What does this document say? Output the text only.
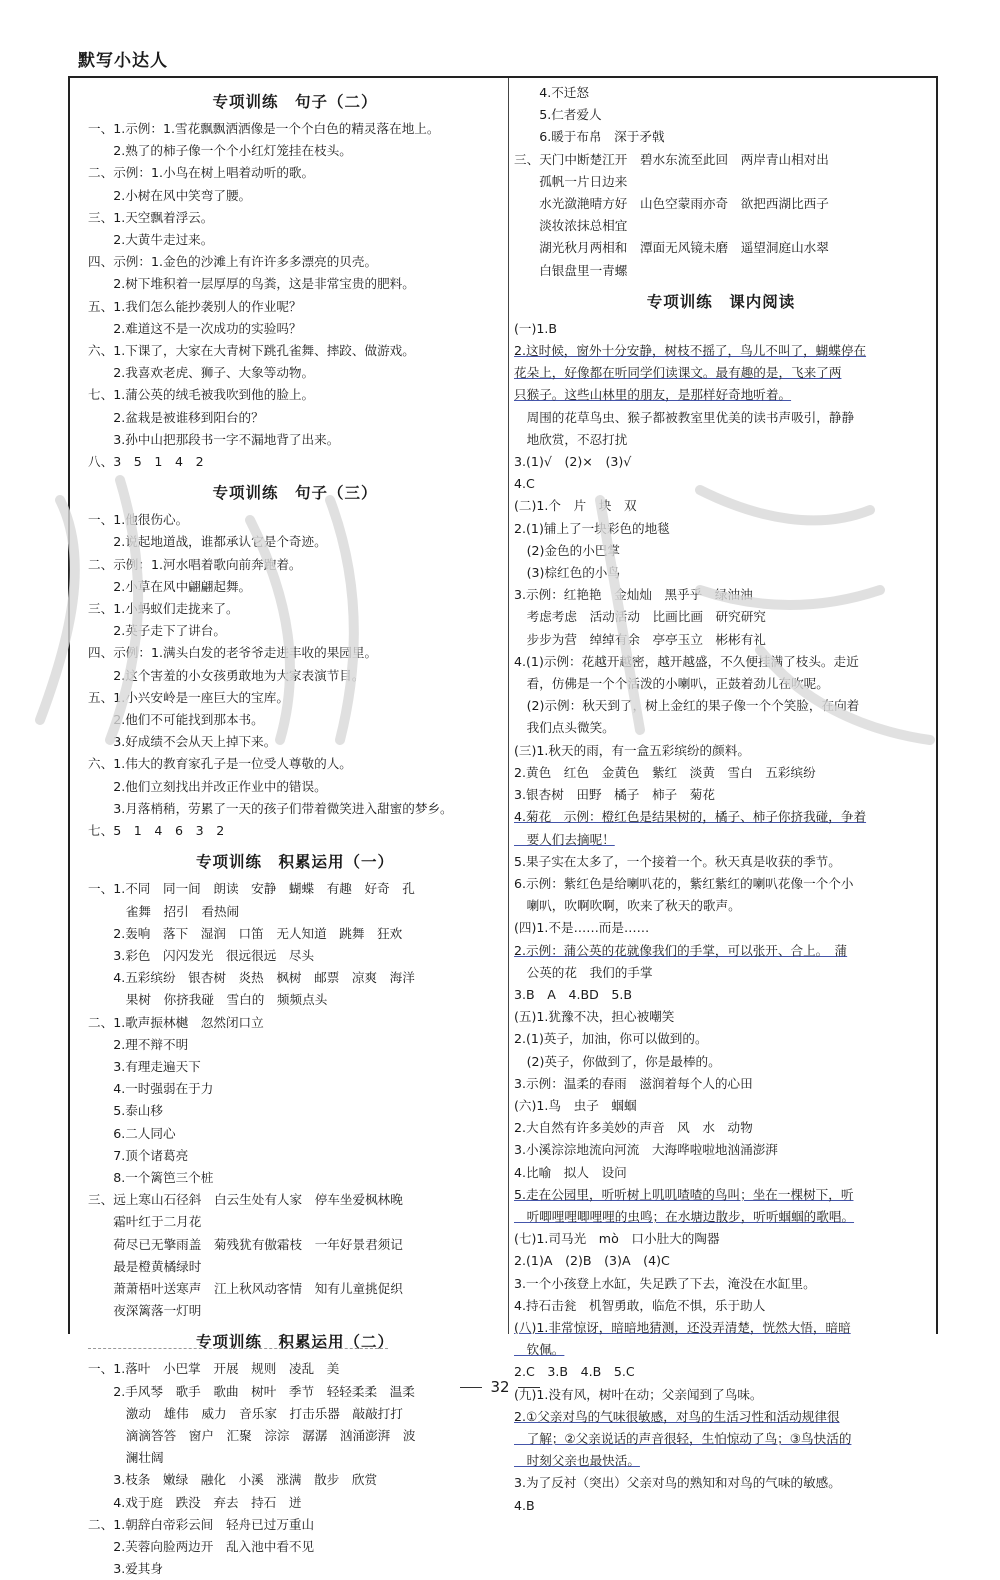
默写小达人
专项训练　句子（二）
一、1.示例：1.雪花飘飘洒洒像是一个个白色的精灵落在地上。
　　2.熟了的柿子像一个个小红灯笼挂在枝头。
二、示例：1.小鸟在树上唱着动听的歌。
　　2.小树在风中笑弯了腰。
三、1.天空飘着浮云。
　　2.大黄牛走过来。
四、示例：1.金色的沙滩上有许许多多漂亮的贝壳。
　　2.树下堆积着一层厚厚的鸟粪，这是非常宝贵的肥料。
五、1.我们怎么能抄袭别人的作业呢？
　　2.难道这不是一次成功的实验吗？
六、1.下课了，大家在大青树下跳孔雀舞、摔跤、做游戏。
　　2.我喜欢老虎、狮子、大象等动物。
七、1.蒲公英的绒毛被我吹到他的脸上。
　　2.盆栽是被谁移到阳台的？
　　3.孙中山把那段书一字不漏地背了出来。
八、3　5　1　4　2
专项训练　句子（三）
一、1.他很伤心。
　　2.说起地道战，谁都承认它是个奇迹。
二、示例：1.河水唱着歌向前奔跑着。
　　2.小草在风中翩翩起舞。
三、1.小蚂蚁们走拢来了。
　　2.英子走下了讲台。
四、示例：1.满头白发的老爷爷走进丰收的果园里。
　　2.这个害羞的小女孩勇敢地为大家表演节目。
五、1.小兴安岭是一座巨大的宝库。
　　2.他们不可能找到那本书。
　　3.好成绩不会从天上掉下来。
六、1.伟大的教育家孔子是一位受人尊敬的人。
　　2.他们立刻找出并改正作业中的错误。
　　3.月落梢稍，劳累了一天的孩子们带着微笑进入甜蜜的梦乡。
七、5　1　4　6　3　2
专项训练　积累运用（一）
一、1.不同　同一间　朗读　安静　蝴蝶　有趣　好奇　孔
　　　雀舞　招引　看热闹
　　2.轰响　落下　湿润　口笛　无人知道　跳舞　狂欢
　　3.彩色　闪闪发光　很远很远　尽头
　　4.五彩缤纷　银杏树　炎热　枫树　邮票　凉爽　海洋
　　　果树　你挤我碰　雪白的　频频点头
二、1.歌声振林樾　忽然闭口立
　　2.理不辩不明
　　3.有理走遍天下
　　4.一时强弱在于力
　　5.泰山移
　　6.二人同心
　　7.顶个诸葛亮
　　8.一个篱笆三个桩
三、远上寒山石径斜　白云生处有人家　停车坐爱枫林晚
　　霜叶红于二月花
　　荷尽已无擎雨盖　菊残犹有傲霜枝　一年好景君须记
　　最是橙黄橘绿时
　　萧萧梧叶送寒声　江上秋风动客情　知有儿童挑促织
　　夜深篱落一灯明
专项训练　积累运用（二）
一、1.落叶　小巴掌　开展　规则　凌乱　美
　　2.手风琴　歌手　歌曲　树叶　季节　轻轻柔柔　温柔
　　　激动　雄伟　威力　音乐家　打击乐器　敲敲打打
　　　滴滴答答　窗户　汇聚　淙淙　潺潺　汹涌澎湃　波
　　　澜壮阔
　　3.枝条　嫩绿　融化　小溪　涨满　散步　欣赏
　　4.戏于庭　跌没　弃去　持石　迸
二、1.朝辞白帝彩云间　轻舟已过万重山
　　2.芙蓉向脸两边开　乱入池中看不见
　　3.爱其身
　　4.不迁怒
　　5.仁者爱人
　　6.暖于布帛　深于矛戟
三、天门中断楚江开　碧水东流至此回　两岸青山相对出
　　孤帆一片日边来
　　水光潋滟晴方好　山色空蒙雨亦奇　欲把西湖比西子
　　淡妆浓抹总相宜
　　湖光秋月两相和　潭面无风镜未磨　遥望洞庭山水翠
　　白银盘里一青螺
专项训练　课内阅读
(一)1.B
2.这时候，窗外十分安静，树枝不摇了，鸟儿不叫了，蝴蝶停在
花朵上，好像都在听同学们读课文。最有趣的是，飞来了两
只猴子。这些山林里的朋友，是那样好奇地听着。
　周围的花草鸟虫、猴子都被教室里优美的读书声吸引，静静
　地欣赏，不忍打扰
3.(1)√　(2)×　(3)√
4.C
(二)1.个　片　块　双
2.(1)铺上了一块彩色的地毯
　(2)金色的小巴掌
　(3)棕红色的小鸟
3.示例：红艳艳　金灿灿　黑乎乎　绿油油
　考虑考虑　活动活动　比画比画　研究研究
　步步为营　绰绰有余　亭亭玉立　彬彬有礼
4.(1)示例：花越开越密，越开越盛，不久便挂满了枝头。走近
　看，仿佛是一个个活泼的小喇叭，正鼓着劲儿在吹呢。
　(2)示例：秋天到了，树上金红的果子像一个个笑脸，在向着
　我们点头微笑。
(三)1.秋天的雨，有一盒五彩缤纷的颜料。
2.黄色　红色　金黄色　紫红　淡黄　雪白　五彩缤纷
3.银杏树　田野　橘子　柿子　菊花
4.菊花　示例：橙红色是结果树的，橘子、柿子你挤我碰，争着
　要人们去摘呢！
5.果子实在太多了，一个接着一个。秋天真是收获的季节。
6.示例：紫红色是给喇叭花的，紫红紫红的喇叭花像一个个小
　喇叭，吹啊吹啊，吹来了秋天的歌声。
(四)1.不是……而是……
2.示例：蒲公英的花就像我们的手掌，可以张开、合上。　蒲
　公英的花　我们的手掌
3.B　A　4.BD　5.B
(五)1.犹豫不决，担心被嘲笑
2.(1)英子，加油，你可以做到的。
　(2)英子，你做到了，你是最棒的。
3.示例：温柔的春雨　滋润着每个人的心田
(六)1.鸟　虫子　蝈蝈
2.大自然有许多美妙的声音　风　水　动物
3.小溪淙淙地流向河流　大海哗啦啦地汹涌澎湃
4.比喻　拟人　设问
5.走在公园里，听听树上叽叽喳喳的鸟叫；坐在一棵树下，听
　听唧哩哩唧哩哩的虫鸣；在水塘边散步，听听蝈蝈的歌唱。
(七)1.司马光　mò　口小肚大的陶器
2.(1)A　(2)B　(3)A　(4)C
3.一个小孩登上水缸，失足跌了下去，淹没在水缸里。
4.持石击瓮　机智勇敢，临危不惧，乐于助人
(八)1.非常惊讶，暗暗地猜测，还没弄清楚，恍然大悟，暗暗
　钦佩。
2.C　3.B　4.B　5.C
(九)1.没有风，树叶在动；父亲闻到了鸟味。
2.①父亲对鸟的气味很敏感，对鸟的生活习性和活动规律很
　了解；②父亲说话的声音很轻，生怕惊动了鸟；③鸟快活的
　时刻父亲也最快活。
3.为了反衬（突出）父亲对鸟的熟知和对鸟的气味的敏感。
4.B
32
